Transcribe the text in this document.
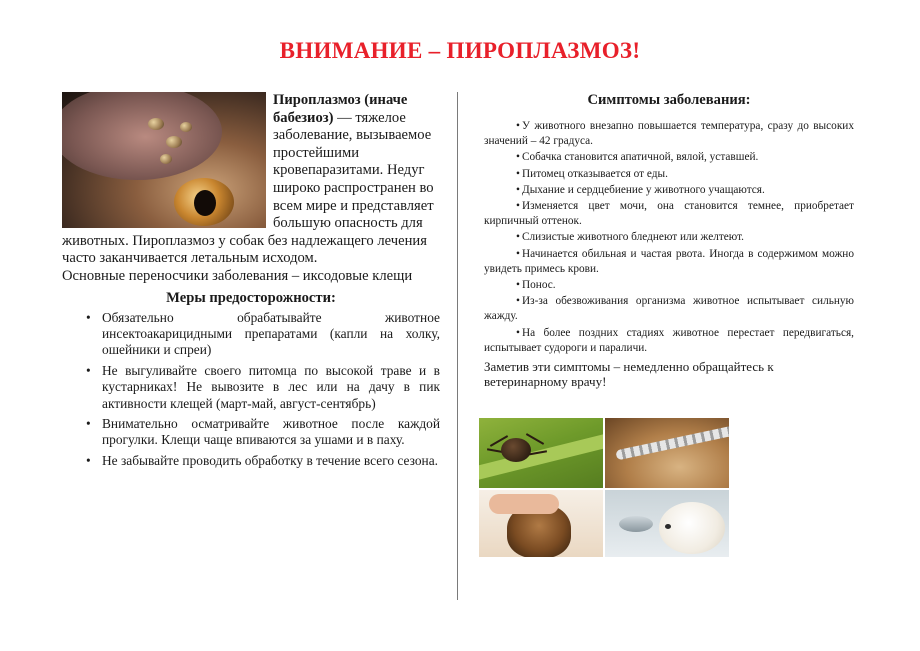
ВНИМАНИЕ – ПИРОПЛАЗМОЗ!

Пироплазмоз (иначе бабезиоз) — тяжелое заболевание, вызываемое простейшими кровепаразитами. Недуг широко распространен во всем мире и представляет большую опасность для животных. Пироплазмоз у собак без надлежащего лечения часто заканчивается летальным исходом.

Основные переносчики заболевания – иксодовые клещи

Меры предосторожности:
• Обязательно обрабатывайте животное инсектоакарицидными препаратами (капли на холку, ошейники и спреи)
• Не выгуливайте своего питомца по высокой траве и в кустарниках! Не вывозите в лес или на дачу в пик активности клещей (март-май, август-сентябрь)
• Внимательно осматривайте животное после каждой прогулки. Клещи чаще впиваются за ушами и в паху.
• Не забывайте проводить обработку в течение всего сезона.
Симптомы заболевания:
• У животного внезапно повышается температура, сразу до высоких значений – 42 градуса.
• Собачка становится апатичной, вялой, уставшей.
• Питомец отказывается от еды.
• Дыхание и сердцебиение у животного учащаются.
• Изменяется цвет мочи, она становится темнее, приобретает кирпичный оттенок.
• Слизистые животного бледнеют или желтеют.
• Начинается обильная и частая рвота. Иногда в содержимом можно увидеть примесь крови.
• Понос.
• Из-за обезвоживания организма животное испытывает сильную жажду.
• На более поздних стадиях животное перестает передвигаться, испытывает судороги и параличи.

Заметив эти симптомы – немедленно обращайтесь к ветеринарному врачу!
